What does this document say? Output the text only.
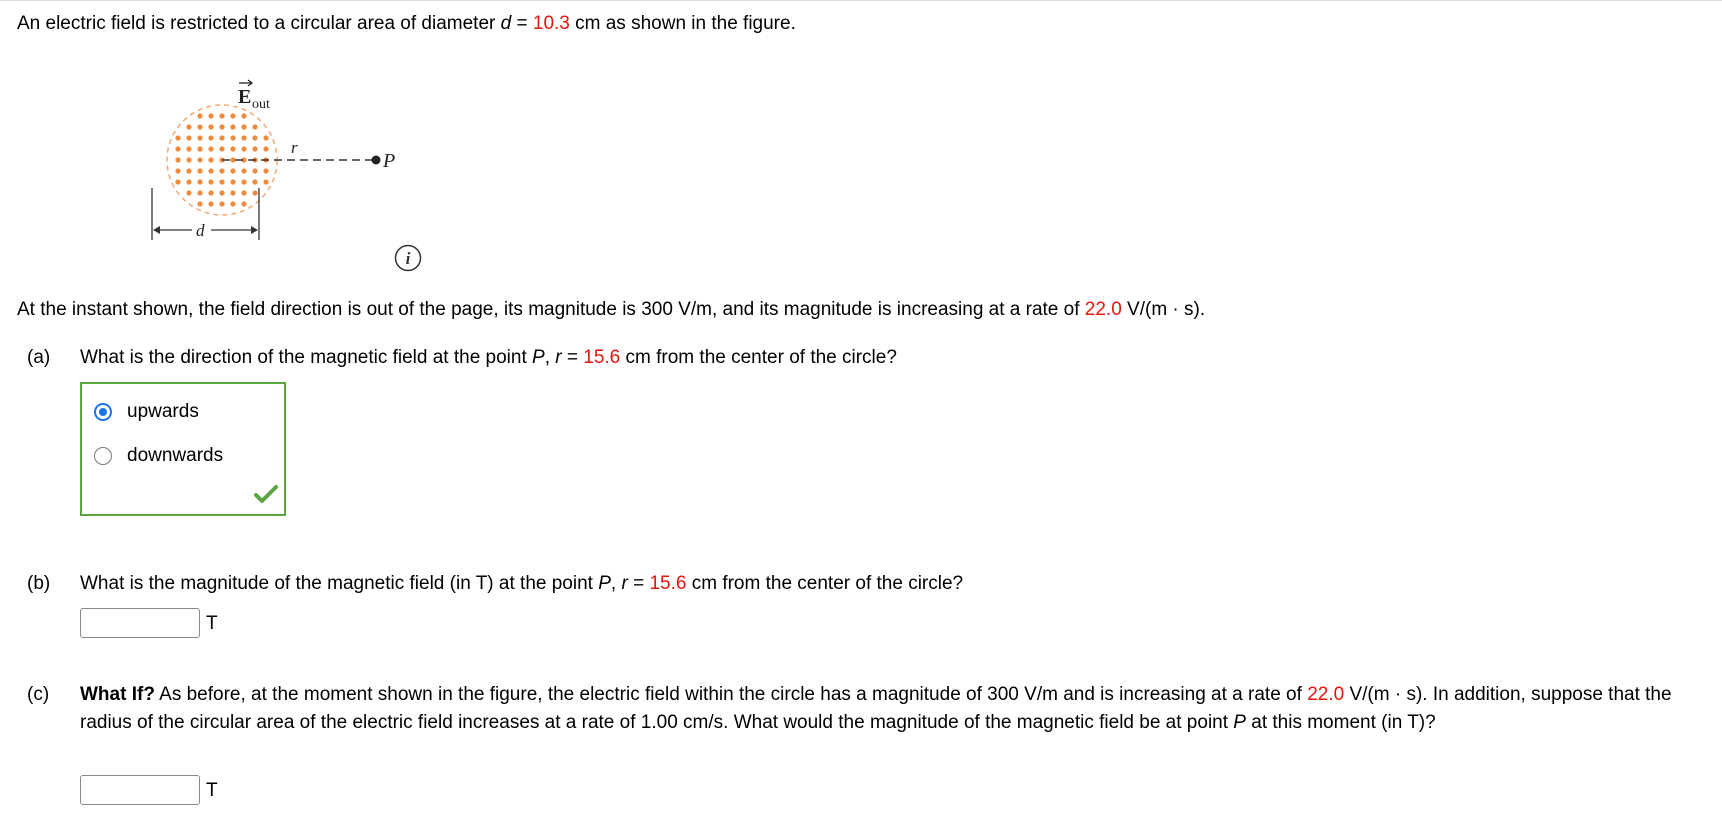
An electric field is restricted to a circular area of diameter d = 10.3 cm as shown in the figure.
E out
r
P
d
i
At the instant shown, the field direction is out of the page, its magnitude is 300 V/m, and its magnitude is increasing at a rate of 22.0 V/(m · s).
(a) What is the direction of the magnetic field at the point P, r = 15.6 cm from the center of the circle?
upwards
downwards
(b) What is the magnitude of the magnetic field (in T) at the point P, r = 15.6 cm from the center of the circle?
T
(c) What If? As before, at the moment shown in the figure, the electric field within the circle has a magnitude of 300 V/m and is increasing at a rate of 22.0 V/(m · s). In addition, suppose that the radius of the circular area of the electric field increases at a rate of 1.00 cm/s. What would the magnitude of the magnetic field be at point P at this moment (in T)?
T
